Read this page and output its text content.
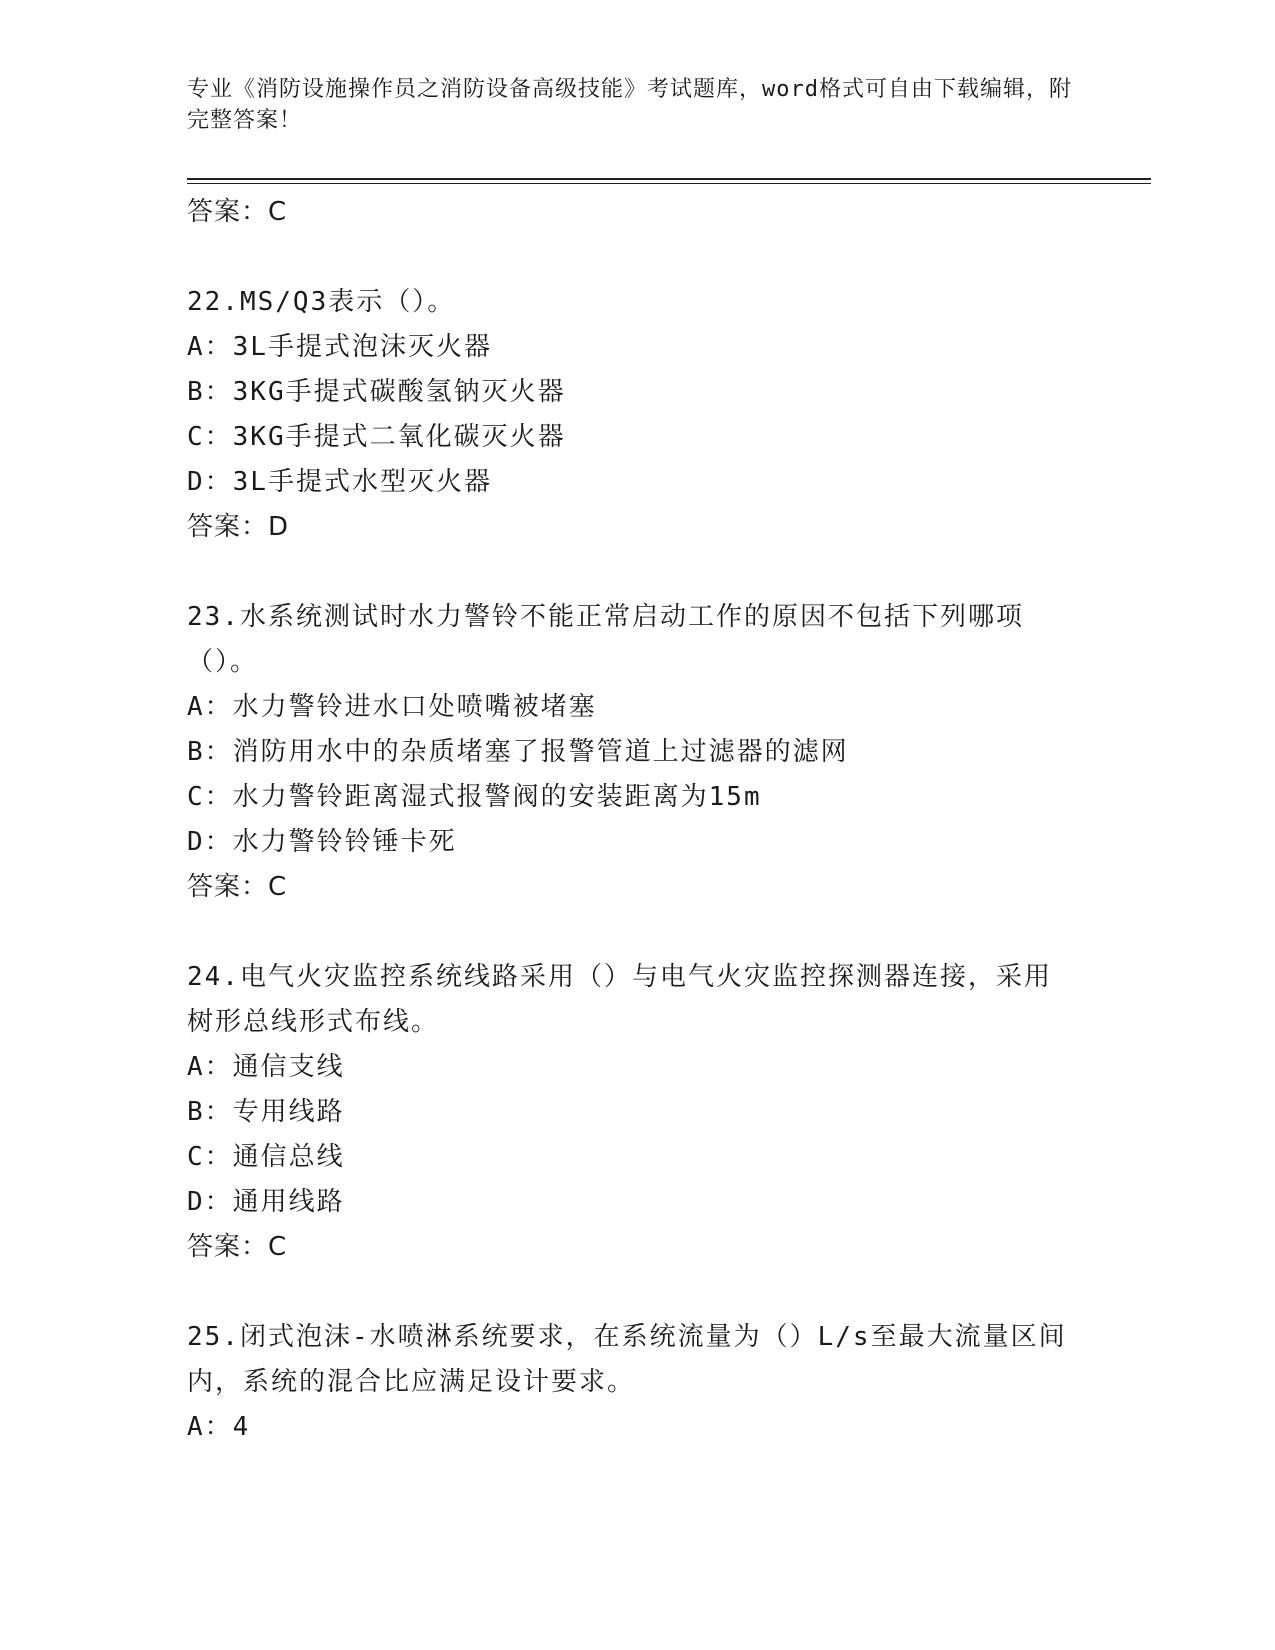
专业《消防设施操作员之消防设备高级技能》考试题库，word格式可自由下载编辑，附完整答案！
答案：C
22.MS/Q3表示（）。
A：3L手提式泡沫灭火器
B：3KG手提式碳酸氢钠灭火器
C：3KG手提式二氧化碳灭火器
D：3L手提式水型灭火器
答案：D
23.水系统测试时水力警铃不能正常启动工作的原因不包括下列哪项（）。
A：水力警铃进水口处喷嘴被堵塞
B：消防用水中的杂质堵塞了报警管道上过滤器的滤网
C：水力警铃距离湿式报警阀的安装距离为15m
D：水力警铃铃锤卡死
答案：C
24.电气火灾监控系统线路采用（）与电气火灾监控探测器连接，采用树形总线形式布线。
A：通信支线
B：专用线路
C：通信总线
D：通用线路
答案：C
25.闭式泡沫-水喷淋系统要求，在系统流量为（）L/s至最大流量区间内，系统的混合比应满足设计要求。
A：4
